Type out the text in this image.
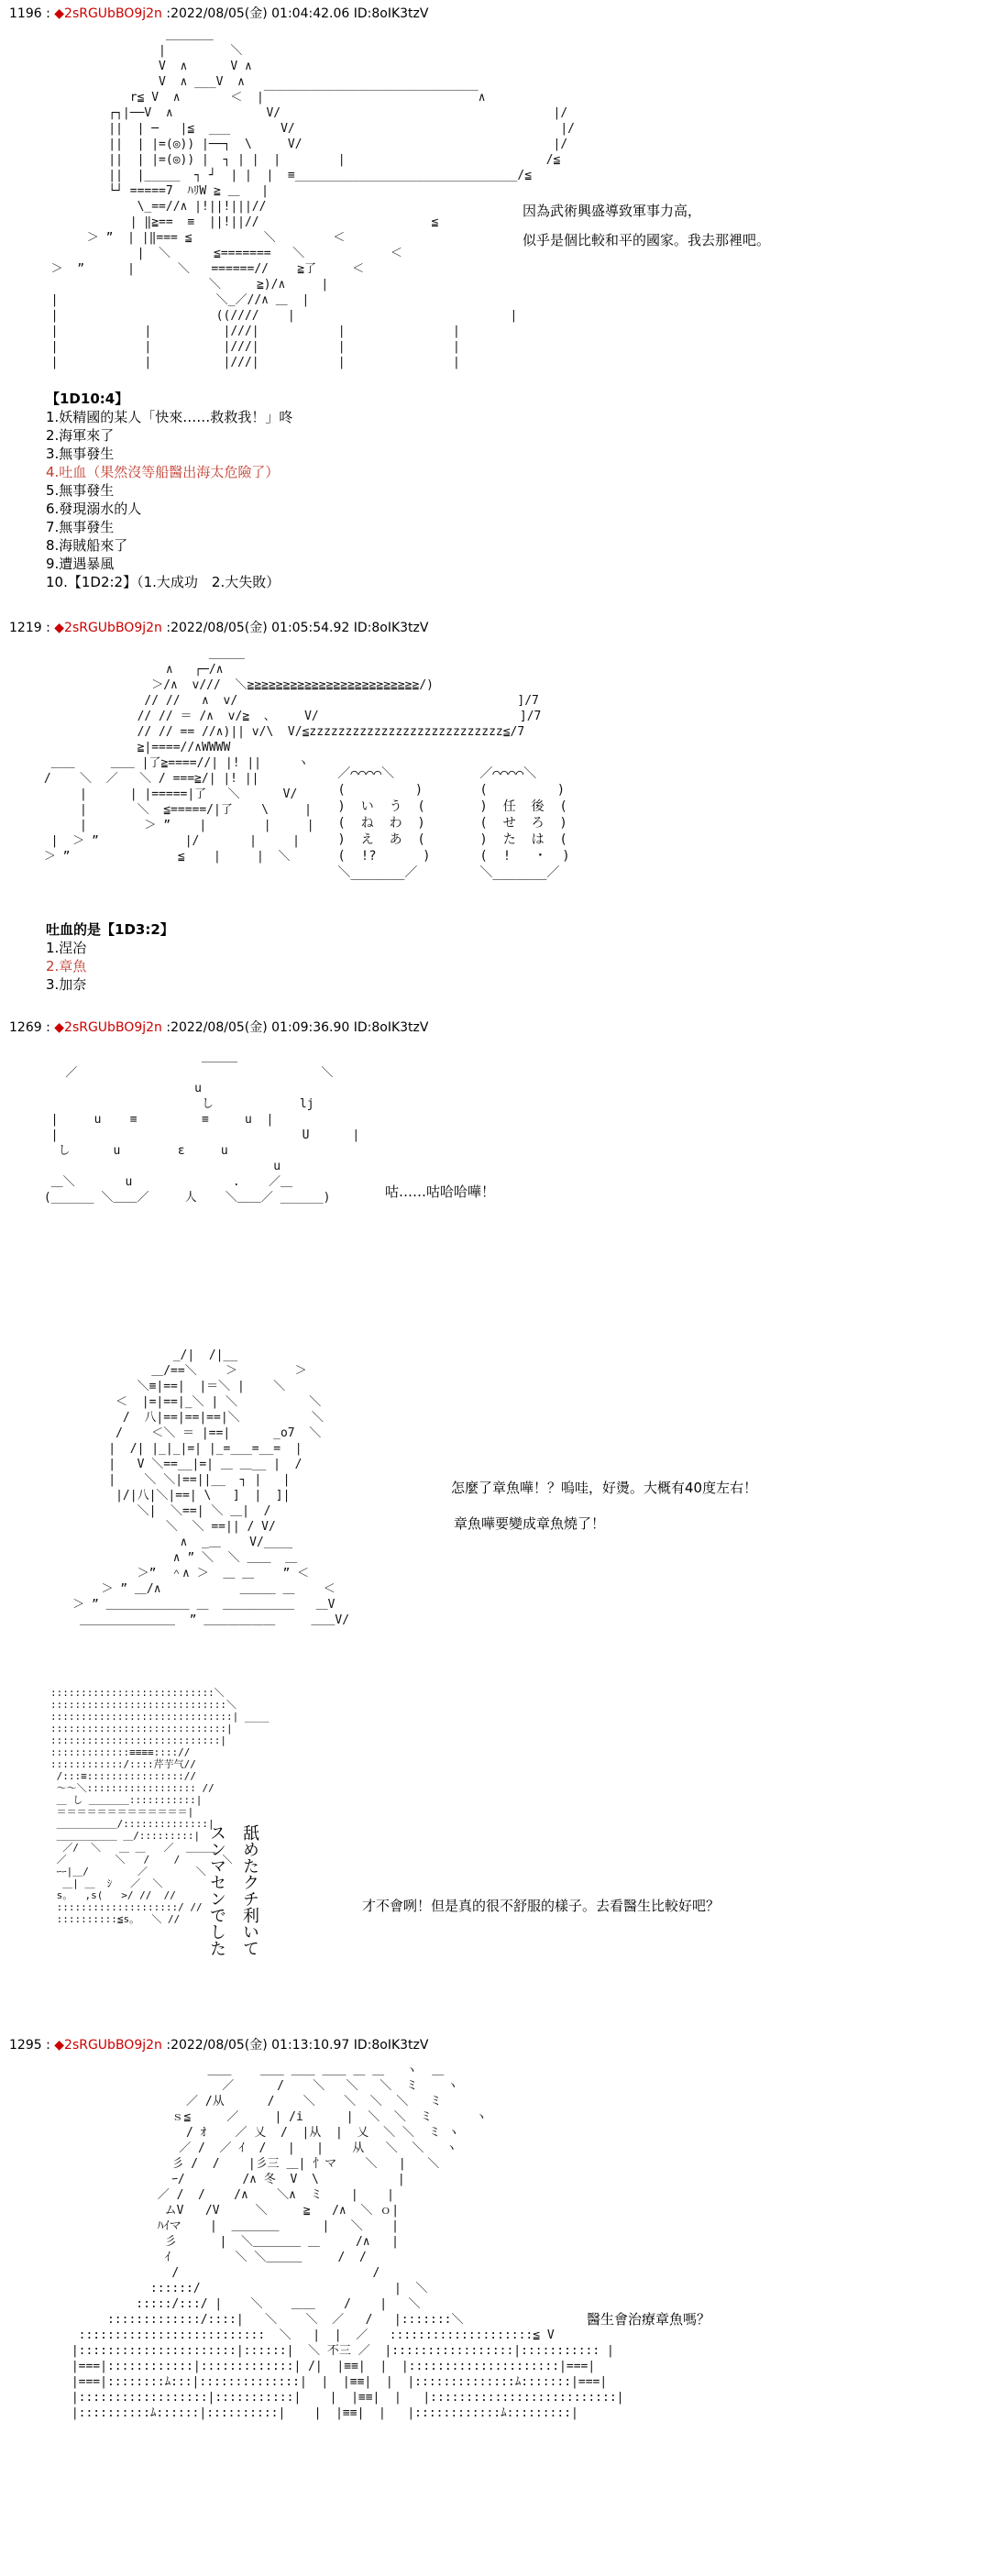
1196 : ◆2sRGUbBO9j2n :2022/08/05(金) 01:04:42.06 ID:8oIK3tzV
＿＿＿＿
|         ＼
V  ∧      V ∧
V  ∧ ___V  ∧
r≦ V  ∧       ＜  |￣￣￣￣￣￣￣￣￣￣￣￣￣￣￣￣￣￣∧
┌┐|──V  ∧             V/                                      |/
||  | ─   |≦  ___       V/                                     |/
||  | |=(◎)) |──┐  \     V/                                   |/
||  | |=(◎)) |  ┐ | |  |        |                            /≦
||  |_____  ┐ ┘  | |  |  ≡_______________________________/≦
└┘ =====7  ﾊﾘW ≧ ＿   |
\_==//∧ |!||!|||//
| ‖≧==  ≡  ||!||//                        ≦
＞ ”  | |‖=== ≦          ＼        ＜
|  ＼      ≦=======   ＼            ＜
＞  ”      |      ＼   ======//    ≧了     ＜
＼     ≧)/∧     |
|                      ＼_／//∧ ＿  |
|                      ((////    |                              |
|            |          |///|           |               |
|            |          |///|           |               |
|            |          |///|           |               |

因為武術興盛導致軍事力高，
似乎是個比較和平的國家。我去那裡吧。
【1D10:4】
1.妖精國的某人「快來……救救我！」咚
2.海軍來了
3.無事發生
4.吐血（果然沒等船醫出海太危險了）
5.無事發生
6.發現溺水的人
7.無事發生
8.海賊船來了
9.遭遇暴風
10.【1D2:2】（1.大成功　2.大失敗）
1219 : ◆2sRGUbBO9j2n :2022/08/05(金) 01:05:54.92 ID:8oIK3tzV
＿＿＿
∧   ┌─/∧
＞/∧  v///  ＼≧≧≧≧≧≧≧≧≧≧≧≧≧≧≧≧≧≧≧≧≧≧≧≧/)
// //   ∧  v/                                       ]/7
// // ＝ /∧  v/≧  、    V/                            ]/7
// // == //∧)|| v/\  V/≦zzzzzzzzzzzzzzzzzzzzzzzzzzz≦/7
≧|====//∧WWWW
＿＿     ＿＿ |了≧====//| |! ||     ヽ
/    ＼  ／   ＼ / ===≧/| |! ||
|      | |=====|了   ＼      V/
|       ＼  ≦=====/|了    \     |
|        ＞ ”    |        |     |
|  ＞ ”            |/       |     |
＞ ”               ≦    |     |  ＼

／⌒⌒⌒⌒＼
(         )
)  い  う  (
(  ね  わ  )
)  え  あ  (
(  !?      )
＼_______／

／⌒⌒⌒⌒＼
(         )
)  任  後  (
(  せ  ろ  )
)  た  は  (
(  !   ・  )
＼_______／

吐血的是【1D3:2】
1.涅冶
2.章魚
3.加奈
1269 : ◆2sRGUbBO9j2n :2022/08/05(金) 01:09:36.90 ID:8oIK3tzV
＿＿＿
／                                  ＼
u
し            lj
|     u    ≡         ≡     u  |
|                                  U      |
し      u        ε     u
u
＿＼       u              .    ／＿
(______ ＼＿＿／     人    ＼＿＿／ ______)	咕……咕哈哈嘩！
_/|  /|__
＿/==＼    ＞        ＞
＼≡|==|  |＝＼ |    ＼
＜  |=|==|_＼ | ＼          ＼
/  八|==|==|==|＼          ＼
/    ＜＼ ＝ |==|      _o7  ＼
|  /| |_|_|=| |_=___=__=  |
|   V ＼==__|=| ＿ ＿__ |  /
|    ＼ ＼|==||__  ┐ |   |
|/|八|＼|==| \   ]  |  ]|
＼|  ＼==| ＼ ＿|  /
＼  ＼ ==|| / V/
∧  _＿    V/____
∧ ” ＼  ＼ ＿＿  ＿
＞”  ＾∧ ＞  ＿ ＿    ” ＜
＞ ” ＿/∧           ＿＿＿ ＿    ＜
＞ ” ＿＿＿＿＿＿＿ ＿  ＿＿＿＿＿＿   ＿V
＿＿＿＿＿＿＿＿  ” ＿＿＿＿＿＿     ＿＿V/

怎麼了章魚嘩！？嗚哇，好燙。大概有40度左右！
章魚嘩要變成章魚燒了！
:::::::::::::::::::::::::::＼
:::::::::::::::::::::::::::::＼
::::::::::::::::::::::::::::::| ____
:::::::::::::::::::::::::::::|
::::::::::::::::::::::::::::|
:::::::::::::≡≡≡≡:::://
::::::::::::/::::芹芋气//
/:::≡:::::::::::::::://
～～＼:::::::::::::::::: //
＿ し ＿＿＿＿:::::::::::|
＝＝＝＝＝＝＝＝＝＝＝＝＝|
＿＿＿＿＿＿/::::::::::::::|
＿＿＿＿＿＿ ＿/:::::::::|
／/  ＼   ＿ ＿   ／  ＿＿＿
／        ＼   /    /       ＼
ｰｰ|＿/        ／        ＼
＿| ＿  ｼ   ／  ＼
s。  ,s(   >/ //  //
::::::::::::::::::::/ //
::::::::::≦s。  ＼ //	舐めたクチ利いて
スンマセンでした	才不會咧！但是真的很不舒服的樣子。去看醫生比較好吧？
1295 : ◆2sRGUbBO9j2n :2022/08/05(金) 01:13:10.97 ID:8oIK3tzV
＿＿    ＿＿ ＿＿ ＿＿ ＿ ＿   ヽ  ＿
／      /    ＼   ＼   ＼  ミ    ヽ
／ /从      /    ＼    ＼  ＼  ＼   ミ
ｓ≦     ／     | /i      |  ＼  ＼  ミ      ヽ
/ ｵ    ／ 乂  /  |从  |  乂  ＼ ＼  ミ ヽ
／ /  ／ ｲ  /   |   |    从   ＼  ＼   ヽ
彡 /  /    |彡三 ＿| 忄マ    ＼   |   ＼
ｰ/        /∧ 冬  V  \           |
／ /  /    /∧    ＼∧  ミ    |    |
ムV   /V     ＼     ≧   /∧  ＼ ｏ|
ﾊｲマ    |  ＿＿＿＿      |   ＼    |
彡      |  ＼＿＿＿＿ ＿     /∧   |
ｲ         ＼ ＼＿＿＿     /  /
/                           /
::::::/                           |  ＼
:::::/:::/ |    ＼    ＿＿    /    |   ＼
:::::::::::::/::::|   ＼    ＼  ／   /   |:::::::＼
::::::::::::::::::::::::::  ＼   |  |  ／   ::::::::::::::::::::≦ V
|::::::::::::::::::::::|::::::|  ＼ 不三 ／  |:::::::::::::::::|::::::::::: |
|===|::::::::::::|:::::::::::::| /|  |≡≡|  |  |:::::::::::::::::::::|===|
|===|::::::::ﾑ:::|::::::::::::::|  |  |≡≡|  |  |::::::::::::::ﾑ:::::::|===|
|::::::::::::::::::|:::::::::::|    |  |≡≡|  |   |::::::::::::::::::::::::::|
|::::::::::ﾑ::::::|::::::::::|    |  |≡≡|  |   |::::::::::::ﾑ:::::::::|

醫生會治療章魚嗎？
